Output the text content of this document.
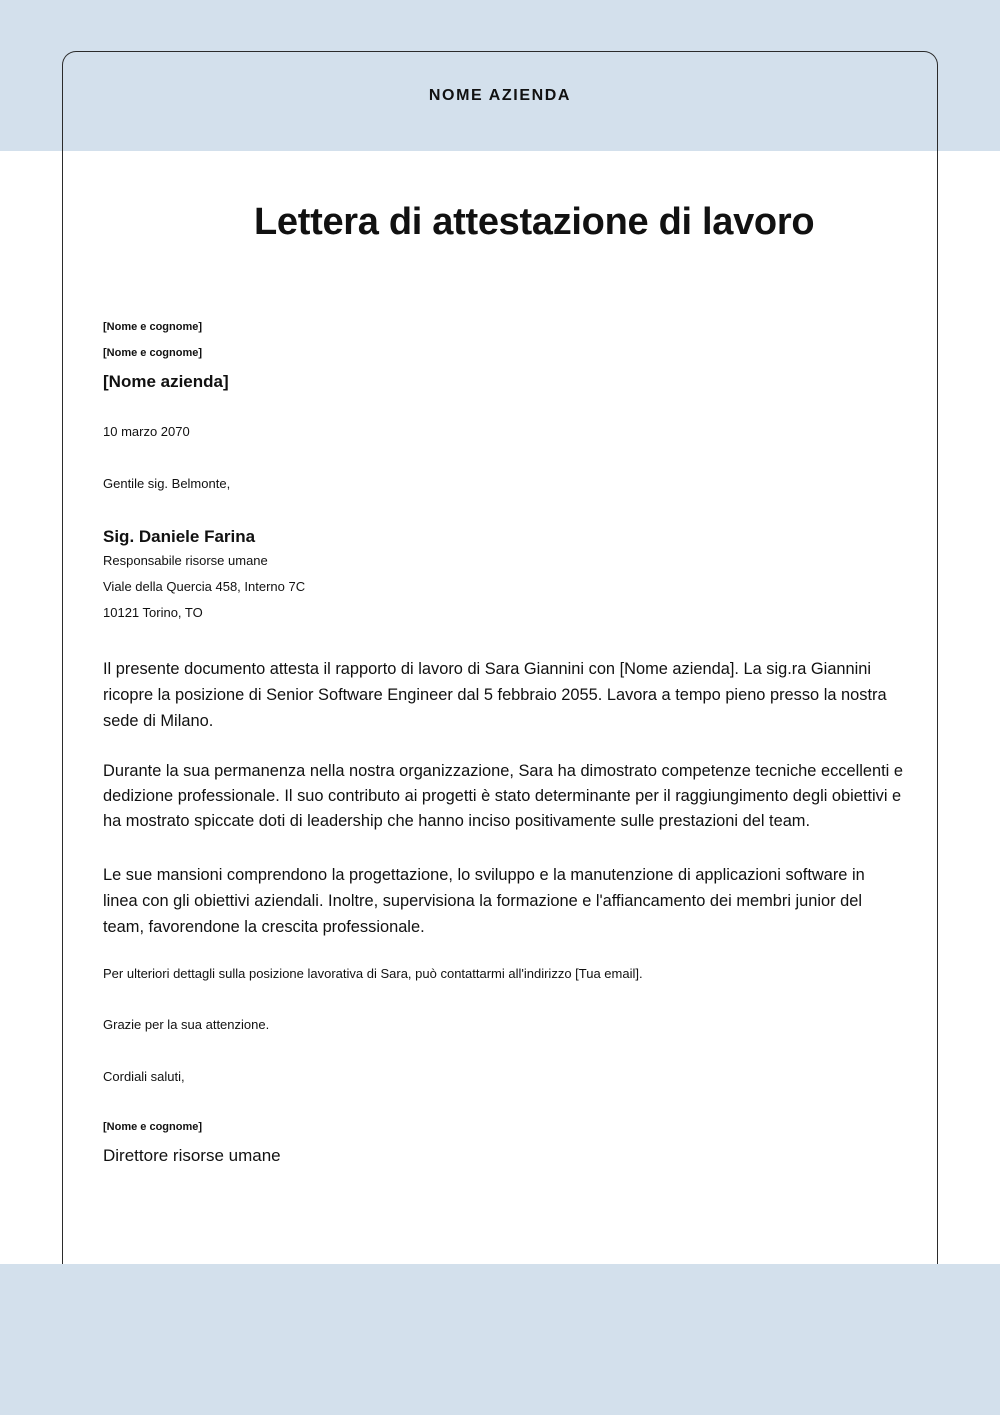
NOME AZIENDA
Lettera di attestazione di lavoro
[Nome e cognome]
[Nome e cognome]
[Nome azienda]
10 marzo 2070
Gentile sig. Belmonte,
Sig. Daniele Farina
Responsabile risorse umane
Viale della Quercia 458, Interno 7C
10121 Torino, TO

Il presente documento attesta il rapporto di lavoro di Sara Giannini con [Nome azienda]. La sig.ra Giannini ricopre la posizione di Senior Software Engineer dal 5 febbraio 2055. Lavora a tempo pieno presso la nostra sede di Milano.

Durante la sua permanenza nella nostra organizzazione, Sara ha dimostrato competenze tecniche eccellenti e dedizione professionale. Il suo contributo ai progetti è stato determinante per il raggiungimento degli obiettivi e ha mostrato spiccate doti di leadership che hanno inciso positivamente sulle prestazioni del team.

Le sue mansioni comprendono la progettazione, lo sviluppo e la manutenzione di applicazioni software in linea con gli obiettivi aziendali. Inoltre, supervisiona la formazione e l'affiancamento dei membri junior del team, favorendone la crescita professionale.

Per ulteriori dettagli sulla posizione lavorativa di Sara, può contattarmi all'indirizzo [Tua email].
Grazie per la sua attenzione.
Cordiali saluti,
[Nome e cognome]
Direttore risorse umane
